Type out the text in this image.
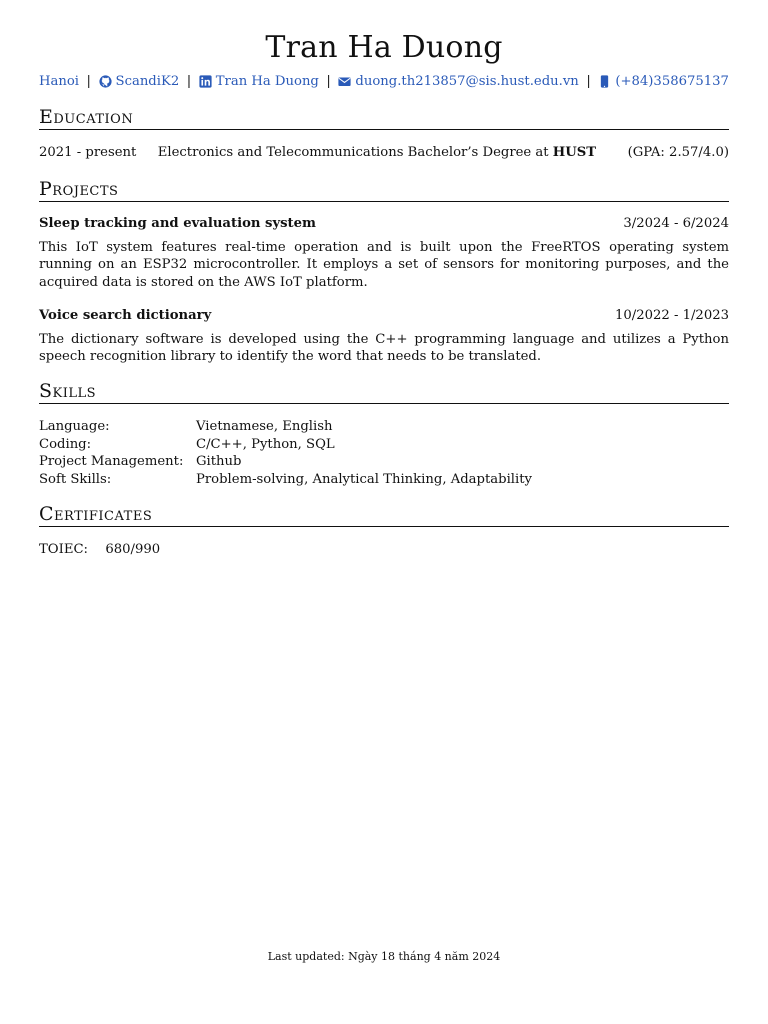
Tran Ha Duong
Hanoi | ScandiK2 | Tran Ha Duong | duong.th213857@sis.hust.edu.vn | (+84)358675137
Education
2021 - present Electronics and Telecommunications Bachelor’s Degree at HUST (GPA: 2.57/4.0)
Projects
Sleep tracking and evaluation system	3/2024 - 6/2024
This IoT system features real-time operation and is built upon the FreeRTOS operating system running on an ESP32 microcontroller. It employs a set of sensors for monitoring purposes, and the acquired data is stored on the AWS IoT platform.
Voice search dictionary	10/2022 - 1/2023
The dictionary software is developed using the C++ programming language and utilizes a Python speech recognition library to identify the word that needs to be translated.
Skills
Language:	Vietnamese, English
Coding:	C/C++, Python, SQL
Project Management: Github
Soft Skills:	Problem-solving, Analytical Thinking, Adaptability
Certificates
TOIEC: 680/990
Last updated: Ngày 18 tháng 4 năm 2024
